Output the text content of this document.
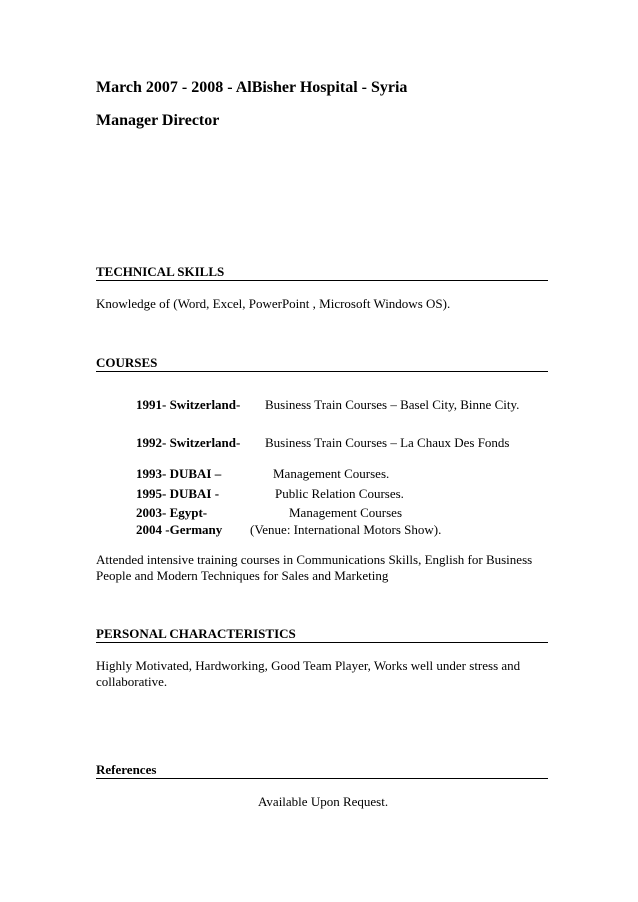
March 2007 - 2008 - AlBisher Hospital - Syria
Manager Director
TECHNICAL SKILLS
Knowledge of (Word, Excel, PowerPoint , Microsoft Windows OS).
COURSES
1991- Switzerland- Business Train Courses – Basel City, Binne City.
1992- Switzerland- Business Train Courses – La Chaux Des Fonds
1993- DUBAI –	Management Courses.
1995- DUBAI -	Public Relation Courses.
2003- Egypt-	Management Courses
2004 -Germany (Venue: International Motors Show).
Attended intensive training courses in Communications Skills, English for Business People and Modern Techniques for Sales and Marketing
PERSONAL CHARACTERISTICS
Highly Motivated, Hardworking, Good Team Player, Works well under stress and collaborative.
References
Available Upon Request.
